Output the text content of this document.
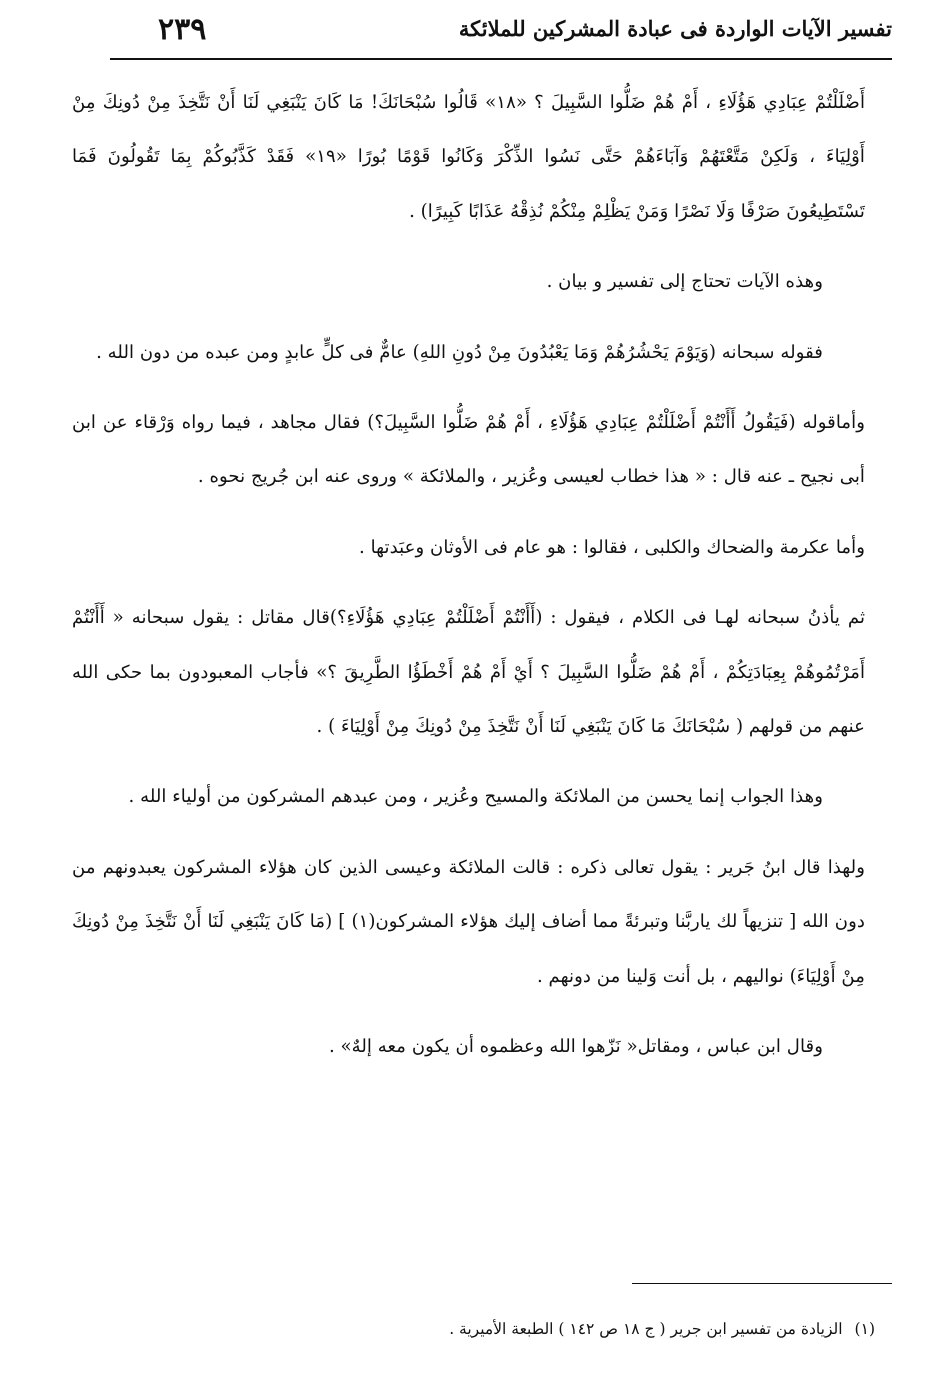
تفسير الآيات الواردة فى عبادة المشركين للملائكة
٢٣٩

أَضْلَلْتُمْ عِبَادِي هَؤُلَاءِ ، أَمْ هُمْ ضَلُّوا السَّبِيلَ ؟ «١٨» قَالُوا سُبْحَانَكَ! مَا كَانَ يَنْبَغِي لَنَا أَنْ نَتَّخِذَ مِنْ دُونِكَ مِنْ أَوْلِيَاءَ ، وَلَكِنْ مَتَّعْتَهُمْ وَآبَاءَهُمْ حَتَّى نَسُوا الذِّكْرَ وَكَانُوا قَوْمًا بُورًا «١٩» فَقَدْ كَذَّبُوكُمْ بِمَا تَقُولُونَ فَمَا تَسْتَطِيعُونَ صَرْفًا وَلَا نَصْرًا وَمَنْ يَظْلِمْ مِنْكُمْ نُذِقْهُ عَذَابًا كَبِيرًا) .

وهذه الآيات تحتاج إلى تفسير و بيان .

فقوله سبحانه (وَيَوْمَ يَحْشُرُهُمْ وَمَا يَعْبُدُونَ مِنْ دُونِ اللهِ) عامٌّ فى كلٍّ عابدٍ ومن عبده من دون الله .

وأماقوله (فَيَقُولُ أَأَنْتُمْ أَضْلَلْتُمْ عِبَادِي هَؤُلَاءِ ، أَمْ هُمْ ضَلُّوا السَّبِيلَ؟) فقال مجاهد ، فيما رواه وَرْقاء عن ابن أبى نجيح ـ عنه قال : « هذا خطاب لعيسى وعُزير ، والملائكة » وروى عنه ابن جُريج نحوه .

وأما عكرمة والضحاك والكلبى ، فقالوا : هو عام فى الأوثان وعبَدتها .

ثم يأذنُ سبحانه لهـا فى الكلام ، فيقول : (أَأَنْتُمْ أَضْلَلْتُمْ عِبَادِي هَؤُلَاءِ؟)قال مقاتل : يقول سبحانه « أَأَنْتُمْ أَمَرْتُمُوهُمْ بِعِبَادَتِكُمْ ، أَمْ هُمْ ضَلُّوا السَّبِيلَ ؟ أَيْ أَمْ هُمْ أَخْطَؤُا الطَّرِيقَ ؟» فأجاب المعبودون بما حكى الله عنهم من قولهم ( سُبْحَانَكَ مَا كَانَ يَنْبَغِي لَنَا أَنْ نَتَّخِذَ مِنْ دُونِكَ مِنْ أَوْلِيَاءَ ) .

وهذا الجواب إنما يحسن من الملائكة والمسيح وعُزير ، ومن عبدهم المشركون من أولياء الله .

ولهذا قال ابنُ جَرير : يقول تعالى ذكره : قالت الملائكة وعيسى الذين كان هؤلاء المشركون يعبدونهم من دون الله [ تنزيهاً لك ياربَّنا وتبرئةً مما أضاف إليك هؤلاء المشركون(١) ] (مَا كَانَ يَنْبَغِي لَنَا أَنْ نَتَّخِذَ مِنْ دُونِكَ مِنْ أَوْلِيَاءَ) نواليهم ، بل أنت وَلينا من دونهم .

وقال ابن عباس ، ومقاتل« نَزّهوا الله وعظموه أن يكون معه إلهٌ» .

(١)الزيادة من تفسير ابن جرير ( ج ١٨ ص ١٤٢ ) الطبعة الأميرية .
